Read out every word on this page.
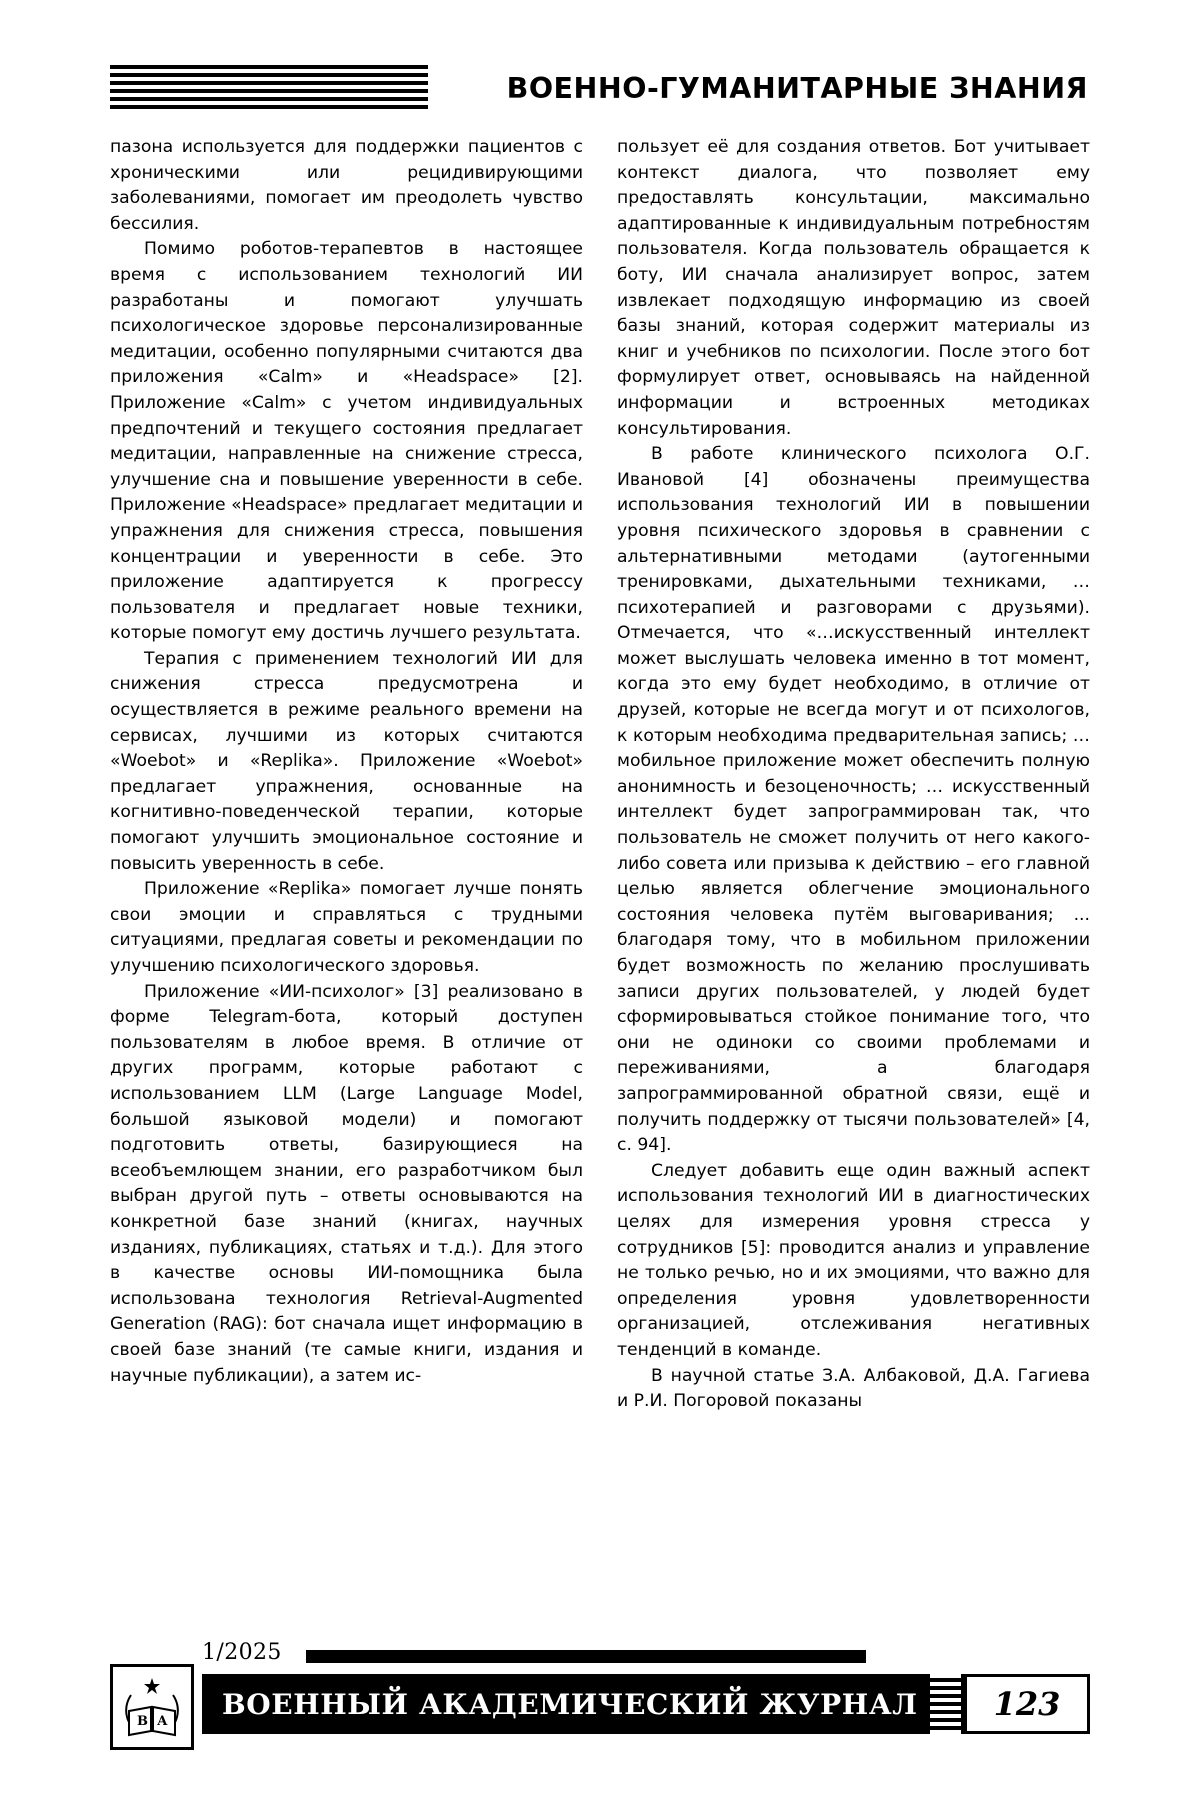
ВОЕННО-ГУМАНИТАРНЫЕ ЗНАНИЯ

пазона используется для поддержки пациентов с хроническими или рецидивирующими заболеваниями, помогает им преодолеть чувство бессилия.

Помимо роботов-терапевтов в настоящее время с использованием технологий ИИ разработаны и помогают улучшать психологическое здоровье персонализированные медитации, особенно популярными считаются два приложения «Calm» и «Headspace» [2]. Приложение «Calm» с учетом индивидуальных предпочтений и текущего состояния предлагает медитации, направленные на снижение стресса, улучшение сна и повышение уверенности в себе. Приложение «Headspace» предлагает медитации и упражнения для снижения стресса, повышения концентрации и уверенности в себе. Это приложение адаптируется к прогрессу пользователя и предлагает новые техники, которые помогут ему достичь лучшего результата.

Терапия с применением технологий ИИ для снижения стресса предусмотрена и осуществляется в режиме реального времени на сервисах, лучшими из которых считаются «Woebot» и «Replika». Приложение «Woebot» предлагает упражнения, основанные на когнитивно-поведенческой терапии, которые помогают улучшить эмоциональное состояние и повысить уверенность в себе.

Приложение «Replika» помогает лучше понять свои эмоции и справляться с трудными ситуациями, предлагая советы и рекомендации по улучшению психологического здоровья.

Приложение «ИИ-психолог» [3] реализовано в форме Telegram-бота, который доступен пользователям в любое время. В отличие от других программ, которые работают с использованием LLM (Large Language Model, большой языковой модели) и помогают подготовить ответы, базирующиеся на всеобъемлющем знании, его разработчиком был выбран другой путь – ответы основываются на конкретной базе знаний (книгах, научных изданиях, публикациях, статьях и т.д.). Для этого в качестве основы ИИ-помощника была использована технология Retrieval-Augmented Generation (RAG): бот сначала ищет информацию в своей базе знаний (те самые книги, издания и научные публикации), а затем ис-

пользует её для создания ответов. Бот учитывает контекст диалога, что позволяет ему предоставлять консультации, максимально адаптированные к индивидуальным потребностям пользователя. Когда пользователь обращается к боту, ИИ сначала анализирует вопрос, затем извлекает подходящую информацию из своей базы знаний, которая содержит материалы из книг и учебников по психологии. После этого бот формулирует ответ, основываясь на найденной информации и встроенных методиках консультирования.

В работе клинического психолога О.Г. Ивановой [4] обозначены преимущества использования технологий ИИ в повышении уровня психического здоровья в сравнении с альтернативными методами (аутогенными тренировками, дыхательными техниками, … психотерапией и разговорами с друзьями). Отмечается, что «…искусственный интеллект может выслушать человека именно в тот момент, когда это ему будет необходимо, в отличие от друзей, которые не всегда могут и от психологов, к которым необходима предварительная запись; … мобильное приложение может обеспечить полную анонимность и безоценочность; … искусственный интеллект будет запрограммирован так, что пользователь не сможет получить от него какого-либо совета или призыва к действию – его главной целью является облегчение эмоционального состояния человека путём выговаривания; ... благодаря тому, что в мобильном приложении будет возможность по желанию прослушивать записи других пользователей, у людей будет сформировываться стойкое понимание того, что они не одиноки со своими проблемами и переживаниями, а благодаря запрограммированной обратной связи, ещё и получить поддержку от тысячи пользователей» [4, с. 94].

Следует добавить еще один важный аспект использования технологий ИИ в диагностических целях для измерения уровня стресса у сотрудников [5]: проводится анализ и управление не только речью, но и их эмоциями, что важно для определения уровня удовлетворенности организацией, отслеживания негативных тенденций в команде.

В научной статье З.А. Албаковой, Д.А. Гагиева и Р.И. Погоровой показаны

1/2025
В А
ВОЕННЫЙ АКАДЕМИЧЕСКИЙ ЖУРНАЛ 123
